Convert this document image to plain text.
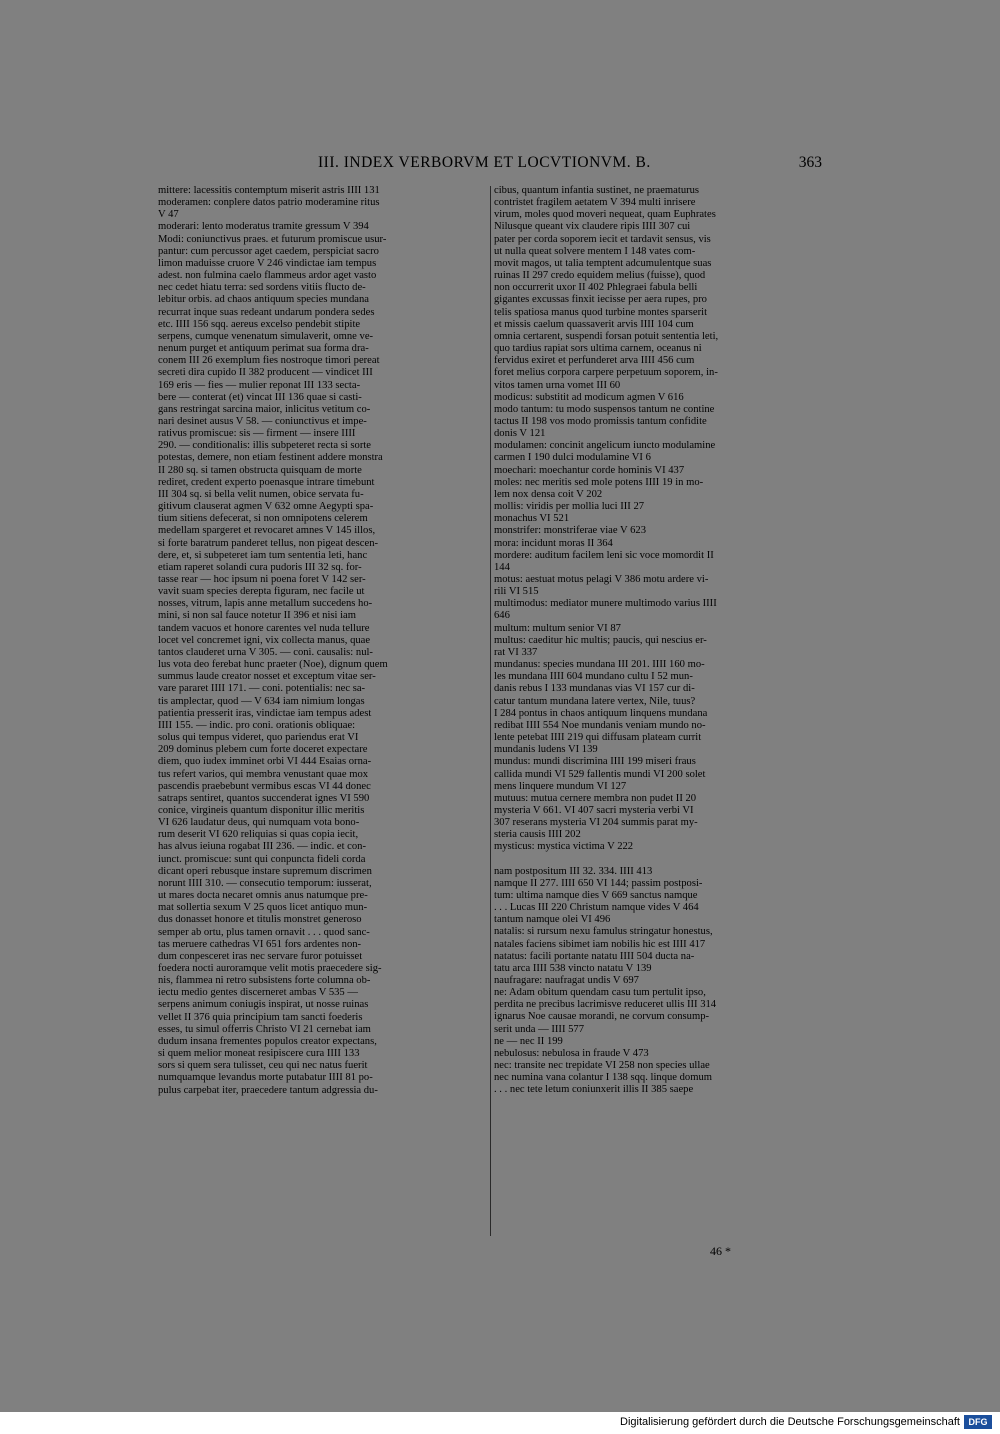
III. INDEX VERBORVM ET LOCVTIONVM. B.	363
mittere: lacessitis contemptum miserit astris IIII 131
moderamen: conplere datos patrio moderamine ritus
V 47
moderari: lento moderatus tramite gressum V 394
Modi: coniunctivus praes. et futurum promiscue usur-
pantur: cum percussor aget caedem, perspiciat sacro
limon maduisse cruore V 246 vindictae iam tempus
adest. non fulmina caelo flammeus ardor aget vasto
nec cedet hiatu terra: sed sordens vitiis flucto de-
lebitur orbis. ad chaos antiquum species mundana
recurrat inque suas redeant undarum pondera sedes
etc. IIII 156 sqq. aereus excelso pendebit stipite
serpens, cumque venenatum simulaverit, omne ve-
nenum purget et antiquum perimat sua forma dra-
conem III 26 exemplum fies nostroque timori pereat
secreti dira cupido II 382 producent — vindicet III
169 eris — fies — mulier reponat III 133 secta-
bere — conterat (et) vincat III 136 quae si casti-
gans restringat sarcina maior, inlicitus vetitum co-
nari desinet ausus V 58. — coniunctivus et impe-
rativus promiscue: sis — firment — insere IIII
290. — conditionalis: illis subpeteret recta si sorte
potestas, demere, non etiam festinent addere monstra
II 280 sq. si tamen obstructa quisquam de morte
rediret, credent experto poenasque intrare timebunt
III 304 sq. si bella velit numen, obice servata fu-
gitivum clauserat agmen V 632 omne Aegypti spa-
tium sitiens defecerat, si non omnipotens celerem
medellam spargeret et revocaret amnes V 145 illos,
si forte baratrum panderet tellus, non pigeat descen-
dere, et, si subpeteret iam tum sententia leti, hanc
etiam raperet solandi cura pudoris III 32 sq. for-
tasse rear — hoc ipsum ni poena foret V 142 ser-
vavit suam species derepta figuram, nec facile ut
nosses, vitrum, lapis anne metallum succedens ho-
mini, si non sal fauce notetur II 396 et nisi iam
tandem vacuos et honore carentes vel nuda tellure
locet vel concremet igni, vix collecta manus, quae
tantos clauderet urna V 305. — coni. causalis: nul-
lus vota deo ferebat hunc praeter (Noe), dignum quem
summus laude creator nosset et exceptum vitae ser-
vare pararet IIII 171. — coni. potentialis: nec sa-
tis amplectar, quod — V 634 iam nimium longas
patientia presserit iras, vindictae iam tempus adest
IIII 155. — indic. pro coni. orationis obliquae:
solus qui tempus videret, quo pariendus erat VI
209 dominus plebem cum forte doceret expectare
diem, quo iudex imminet orbi VI 444 Esaias orna-
tus refert varios, qui membra venustant quae mox
pascendis praebebunt vermibus escas VI 44 donec
satraps sentiret, quantos succenderat ignes VI 590
conice, virgineis quantum disponitur illic meritis
VI 626 laudatur deus, qui numquam vota bono-
rum deserit VI 620 reliquias si quas copia iecit,
has alvus ieiuna rogabat III 236. — indic. et con-
iunct. promiscue: sunt qui conpuncta fideli corda
dicant operi rebusque instare supremum discrimen
norunt IIII 310. — consecutio temporum: iusserat,
ut mares docta necaret omnis anus natumque pre-
mat sollertia sexum V 25 quos licet antiquo mun-
dus donasset honore et titulis monstret generoso
semper ab ortu, plus tamen ornavit . . . quod sanc-
tas meruere cathedras VI 651 fors ardentes non-
dum conpesceret iras nec servare furor potuisset
foedera nocti auroramque velit motis praecedere sig-
nis, flammea ni retro subsistens forte columna ob-
iectu medio gentes discerneret ambas V 535 —
serpens animum coniugis inspirat, ut nosse ruinas
vellet II 376 quia principium tam sancti foederis
esses, tu simul offerris Christo VI 21 cernebat iam
dudum insana frementes populos creator expectans,
si quem melior moneat resipiscere cura IIII 133
sors si quem sera tulisset, ceu qui nec natus fuerit
numquamque levandus morte putabatur IIII 81 po-
pulus carpebat iter, praecedere tantum adgressia du-
cibus, quantum infantia sustinet, ne praematurus
contristet fragilem aetatem V 394 multi inrisere
virum, moles quod moveri nequeat, quam Euphrates
Nilusque queant vix claudere ripis IIII 307 cui
pater per corda soporem iecit et tardavit sensus, vis
ut nulla queat solvere mentem I 148 vates com-
movit magos, ut talia temptent adcumulentque suas
ruinas II 297 credo equidem melius (fuisse), quod
non occurrerit uxor II 402 Phlegraei fabula belli
gigantes excussas finxit iecisse per aera rupes, pro
telis spatiosa manus quod turbine montes sparserit
et missis caelum quassaverit arvis IIII 104 cum
omnia certarent, suspendi forsan potuit sententia leti,
quo tardius rapiat sors ultima carnem, oceanus ni
fervidus exiret et perfunderet arva IIII 456 cum
foret melius corpora carpere perpetuum soporem, in-
vitos tamen urna vomet III 60
modicus: substitit ad modicum agmen V 616
modo tantum: tu modo suspensos tantum ne contine
tactus II 198 vos modo promissis tantum confidite
donis V 121
modulamen: concinit angelicum iuncto modulamine
carmen I 190 dulci modulamine VI 6
moechari: moechantur corde hominis VI 437
moles: nec meritis sed mole potens IIII 19 in mo-
lem nox densa coit V 202
mollis: viridis per mollia luci III 27
monachus VI 521
monstrifer: monstriferae viae V 623
mora: incidunt moras II 364
mordere: auditum facilem leni sic voce momordit II
144
motus: aestuat motus pelagi V 386 motu ardere vi-
rili VI 515
multimodus: mediator munere multimodo varius IIII
646
multum: multum senior VI 87
multus: caeditur hic multis; paucis, qui nescius er-
rat VI 337
mundanus: species mundana III 201. IIII 160 mo-
les mundana IIII 604 mundano cultu I 52 mun-
danis rebus I 133 mundanas vias VI 157 cur di-
catur tantum mundana latere vertex, Nile, tuus?
I 284 pontus in chaos antiquum linquens mundana
redibat IIII 554 Noe mundanis veniam mundo no-
lente petebat IIII 219 qui diffusam plateam currit
mundanis ludens VI 139
mundus: mundi discrimina IIII 199 miseri fraus
callida mundi VI 529 fallentis mundi VI 200 solet
mens linquere mundum VI 127
mutuus: mutua cernere membra non pudet II 20
mysteria V 661. VI 407 sacri mysteria verbi VI
307 reserans mysteria VI 204 summis parat my-
steria causis IIII 202
mysticus: mystica victima V 222
nam postpositum III 32. 334. IIII 413
namque II 277. IIII 650 VI 144; passim postposi-
tum: ultima namque dies V 669 sanctus namque
. . . Lucas III 220 Christum namque vides V 464
tantum namque olei VI 496
natalis: si rursum nexu famulus stringatur honestus,
natales faciens sibimet iam nobilis hic est IIII 417
natatus: facili portante natatu IIII 504 ducta na-
tatu arca IIII 538 vincto natatu V 139
naufragare: naufragat undis V 697
ne: Adam obitum quendam casu tum pertulit ipso,
perdita ne precibus lacrimisve reduceret ullis III 314
ignarus Noe causae morandi, ne corvum consump-
serit unda — IIII 577
ne — nec II 199
nebulosus: nebulosa in fraude V 473
nec: transite nec trepidate VI 258 non species ullae
nec numina vana colantur I 138 sqq. linque domum
. . . nec tete letum coniunxerit illis II 385 saepe
46 *
Digitalisierung gefördert durch die Deutsche Forschungsgemeinschaft DFG
